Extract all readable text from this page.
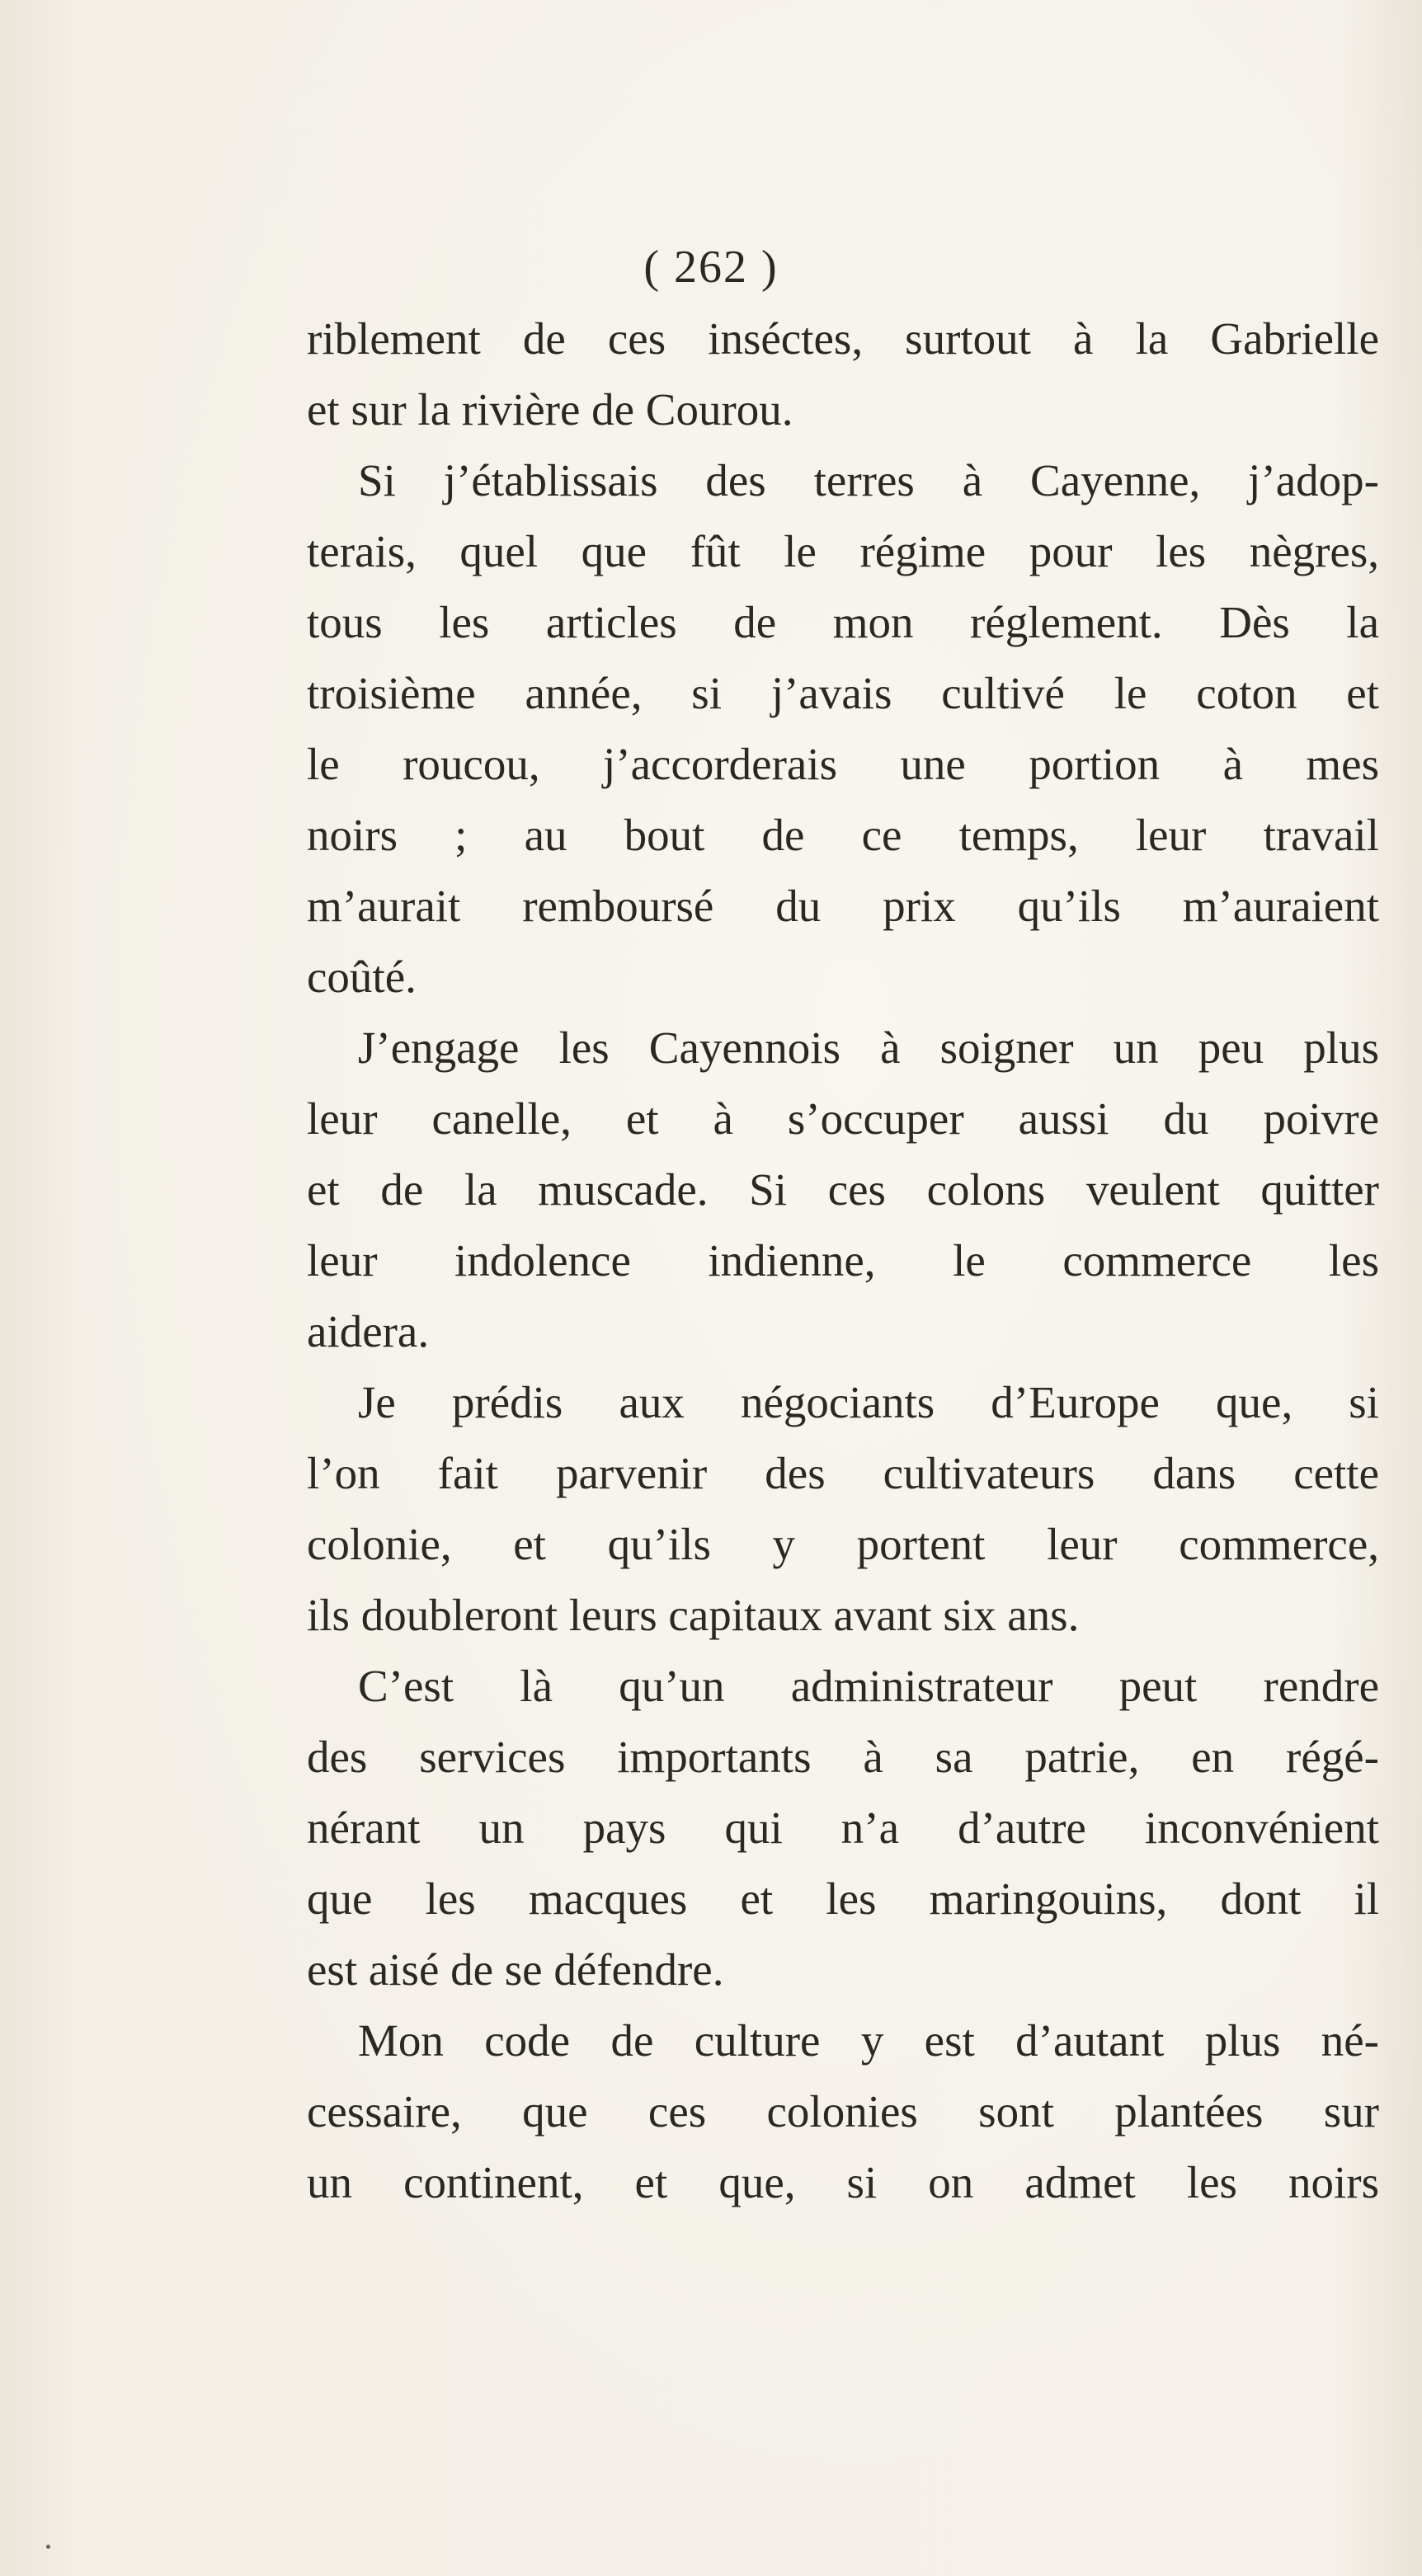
( 262 )
riblement de ces inséctes, surtout à la Gabrielle
et sur la rivière de Courou.
Si j’établissais des terres à Cayenne, j’adop-
terais, quel que fût le régime pour les nègres,
tous les articles de mon réglement. Dès la
troisième année, si j’avais cultivé le coton et
le roucou, j’accorderais une portion à mes
noirs ; au bout de ce temps, leur travail
m’aurait remboursé du prix qu’ils m’auraient
coûté.
J’engage les Cayennois à soigner un peu plus
leur canelle, et à s’occuper aussi du poivre
et de la muscade. Si ces colons veulent quitter
leur indolence indienne, le commerce les
aidera.
Je prédis aux négociants d’Europe que, si
l’on fait parvenir des cultivateurs dans cette
colonie, et qu’ils y portent leur commerce,
ils doubleront leurs capitaux avant six ans.
C’est là qu’un administrateur peut rendre
des services importants à sa patrie, en régé-
nérant un pays qui n’a d’autre inconvénient
que les macques et les maringouins, dont il
est aisé de se défendre.
Mon code de culture y est d’autant plus né-
cessaire, que ces colonies sont plantées sur
un continent, et que, si on admet les noirs
